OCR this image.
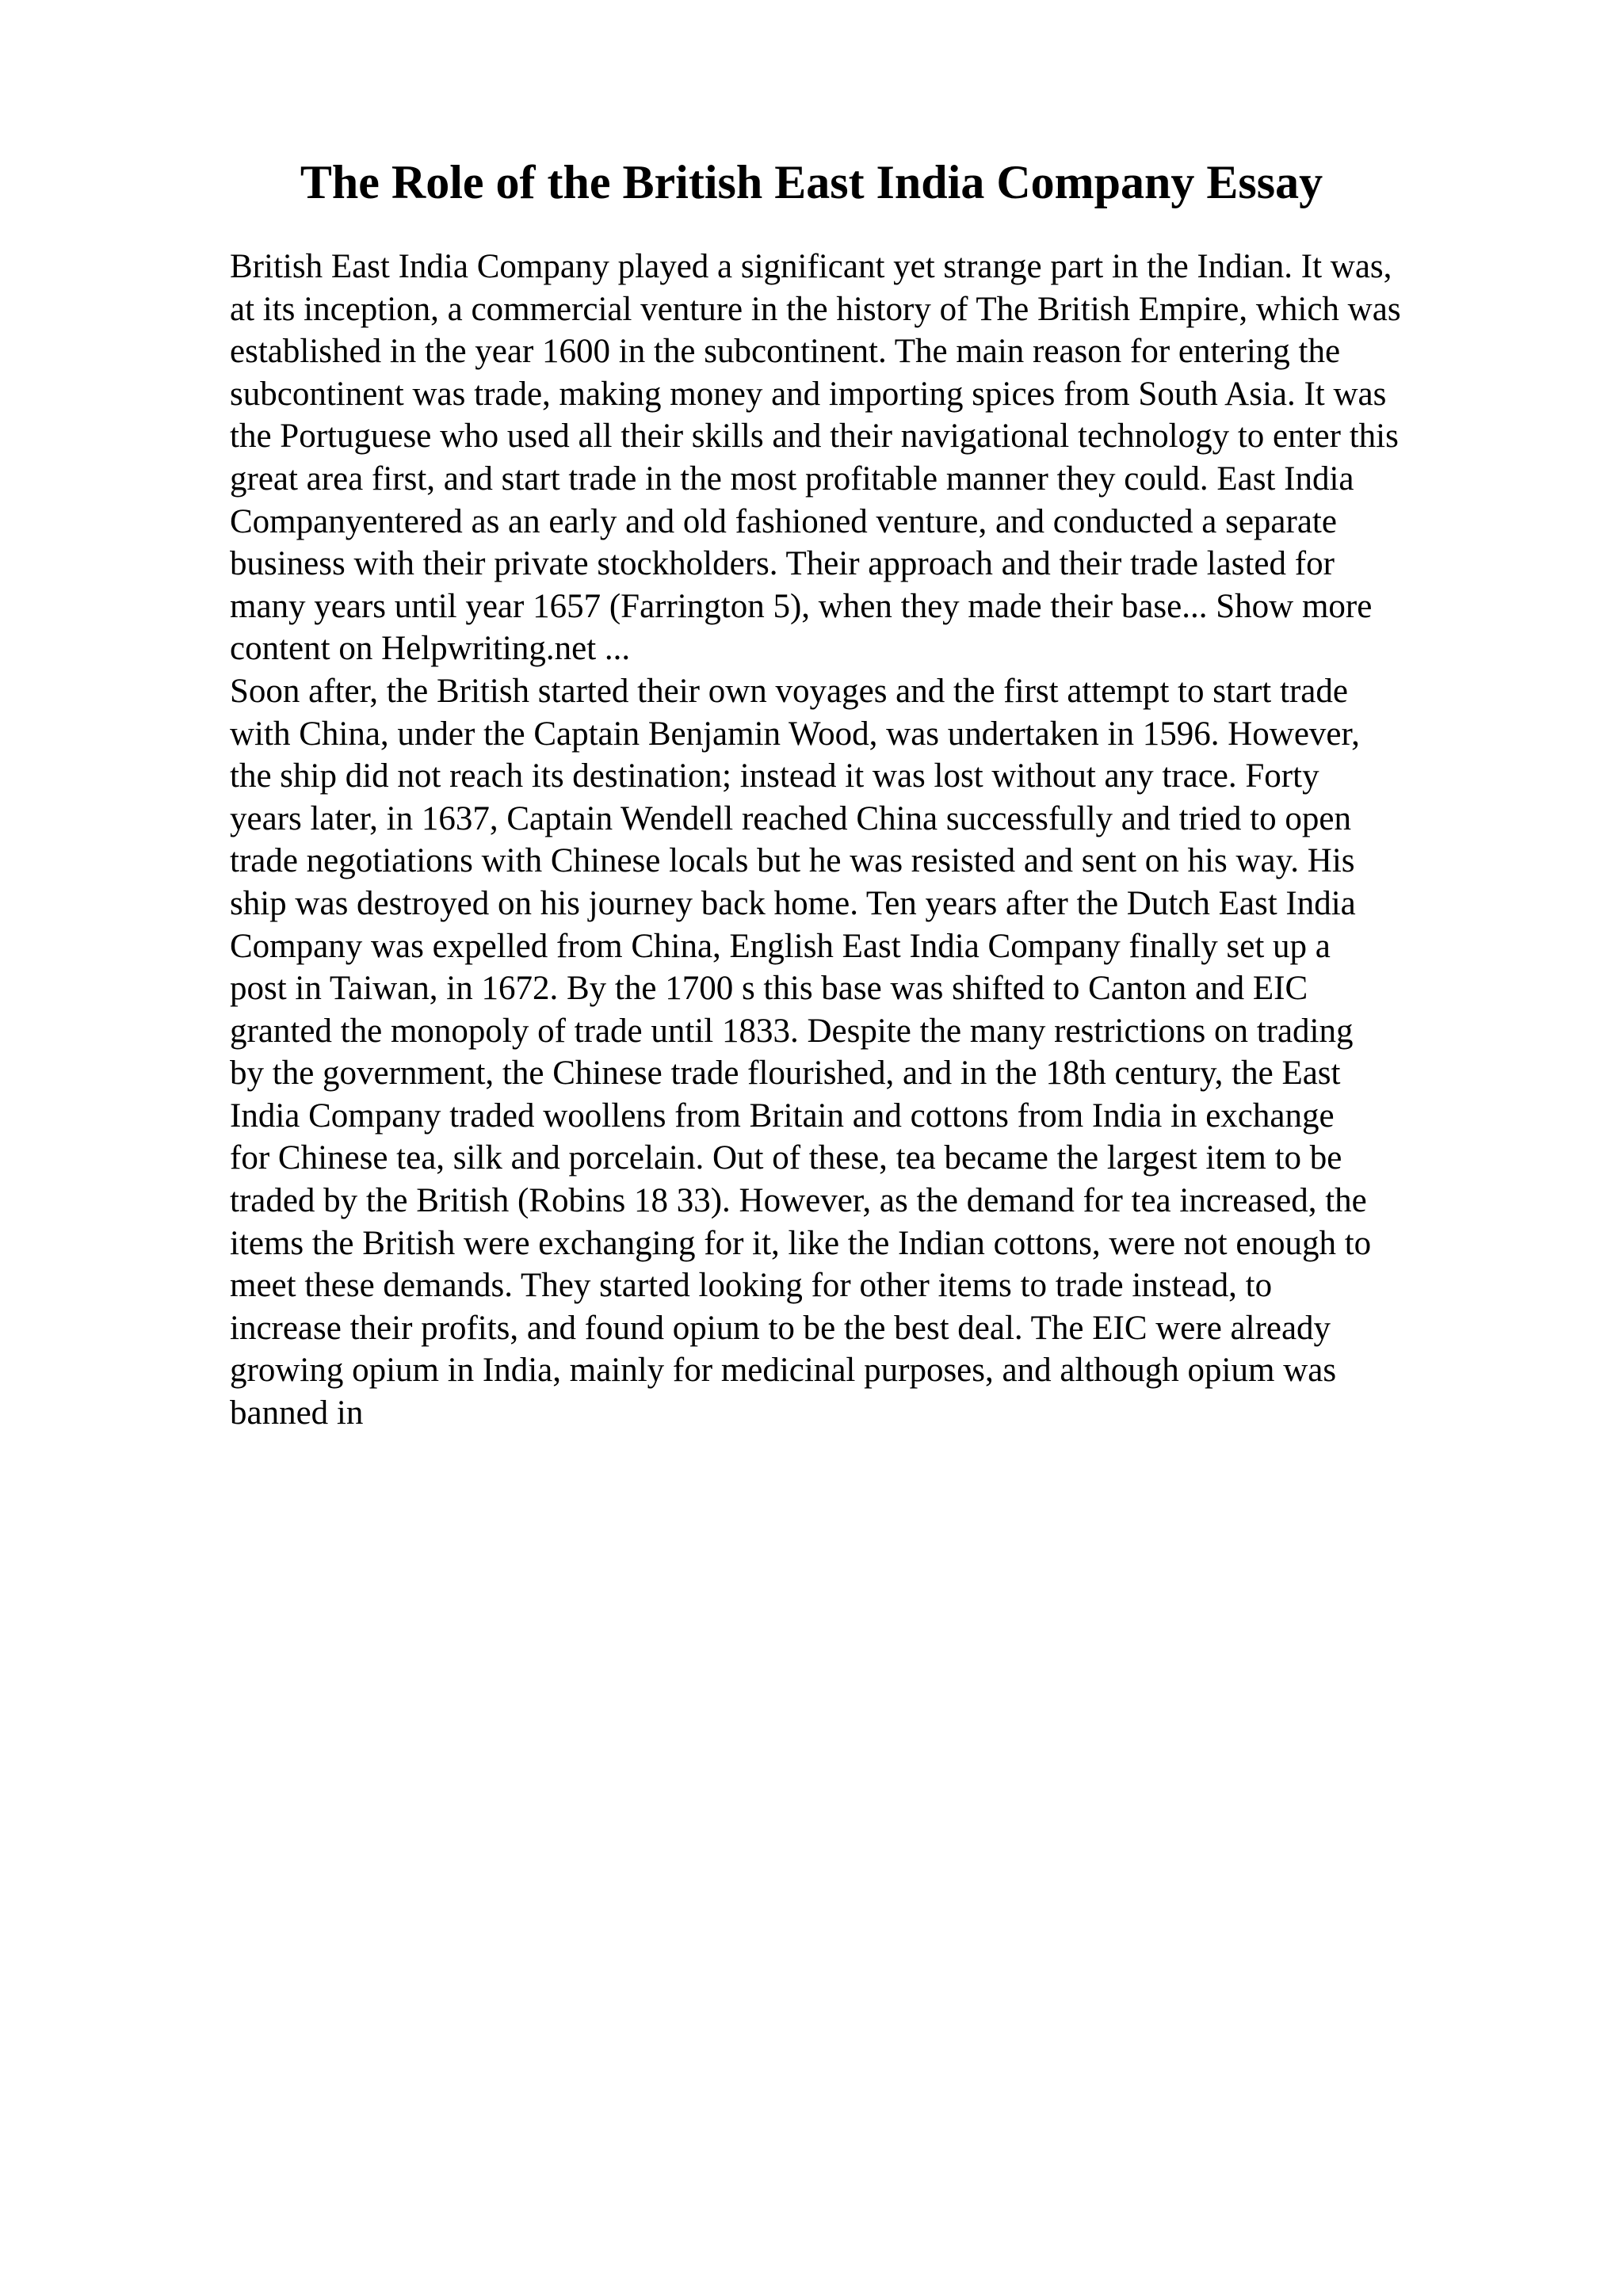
The Role of the British East India Company Essay
British East India Company played a significant yet strange part in the Indian. It was,
at its inception, a commercial venture in the history of The British Empire, which was
established in the year 1600 in the subcontinent. The main reason for entering the
subcontinent was trade, making money and importing spices from South Asia. It was
the Portuguese who used all their skills and their navigational technology to enter this
great area first, and start trade in the most profitable manner they could. East India
Companyentered as an early and old fashioned venture, and conducted a separate
business with their private stockholders. Their approach and their trade lasted for
many years until year 1657 (Farrington 5), when they made their base... Show more
content on Helpwriting.net ...
Soon after, the British started their own voyages and the first attempt to start trade
with China, under the Captain Benjamin Wood, was undertaken in 1596. However,
the ship did not reach its destination; instead it was lost without any trace. Forty
years later, in 1637, Captain Wendell reached China successfully and tried to open
trade negotiations with Chinese locals but he was resisted and sent on his way. His
ship was destroyed on his journey back home. Ten years after the Dutch East India
Company was expelled from China, English East India Company finally set up a
post in Taiwan, in 1672. By the 1700 s this base was shifted to Canton and EIC
granted the monopoly of trade until 1833. Despite the many restrictions on trading
by the government, the Chinese trade flourished, and in the 18th century, the East
India Company traded woollens from Britain and cottons from India in exchange
for Chinese tea, silk and porcelain. Out of these, tea became the largest item to be
traded by the British (Robins 18 33). However, as the demand for tea increased, the
items the British were exchanging for it, like the Indian cottons, were not enough to
meet these demands. They started looking for other items to trade instead, to
increase their profits, and found opium to be the best deal. The EIC were already
growing opium in India, mainly for medicinal purposes, and although opium was
banned in
